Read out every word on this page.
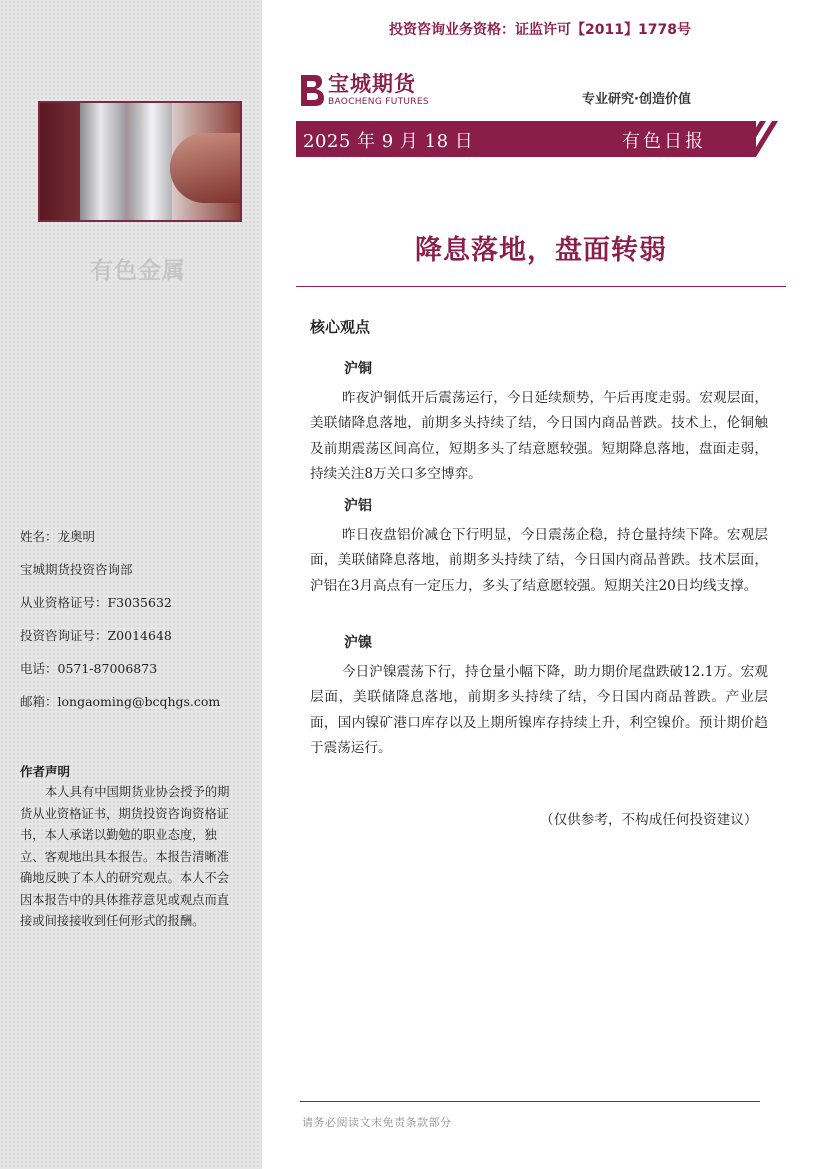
有色金属
姓名：龙奥明
宝城期货投资咨询部
从业资格证号：F3035632
投资咨询证号：Z0014648
电话：0571-87006873
邮箱：longaoming@bcqhgs.com
作者声明
本人具有中国期货业协会授予的期货从业资格证书，期货投资咨询资格证书，本人承诺以勤勉的职业态度，独立、客观地出具本报告。本报告清晰准确地反映了本人的研究观点。本人不会因本报告中的具体推荐意见或观点而直接或间接接收到任何形式的报酬。
投资咨询业务资格：证监许可【2011】1778号
宝城期货
BAOCHENG FUTURES	专业研究·创造价值
2025 年 9 月 18 日	有色日报
降息落地，盘面转弱
核心观点
沪铜
昨夜沪铜低开后震荡运行，今日延续颓势，午后再度走弱。宏观层面，美联储降息落地，前期多头持续了结，今日国内商品普跌。技术上，伦铜触及前期震荡区间高位，短期多头了结意愿较强。短期降息落地，盘面走弱，持续关注8万关口多空博弈。
沪铝
昨日夜盘铝价减仓下行明显，今日震荡企稳，持仓量持续下降。宏观层面，美联储降息落地，前期多头持续了结，今日国内商品普跌。技术层面，沪铝在3月高点有一定压力，多头了结意愿较强。短期关注20日均线支撑。
沪镍
今日沪镍震荡下行，持仓量小幅下降，助力期价尾盘跌破12.1万。宏观层面，美联储降息落地，前期多头持续了结，今日国内商品普跌。产业层面，国内镍矿港口库存以及上期所镍库存持续上升，利空镍价。预计期价趋于震荡运行。
（仅供参考，不构成任何投资建议）
请务必阅读文末免责条款部分
